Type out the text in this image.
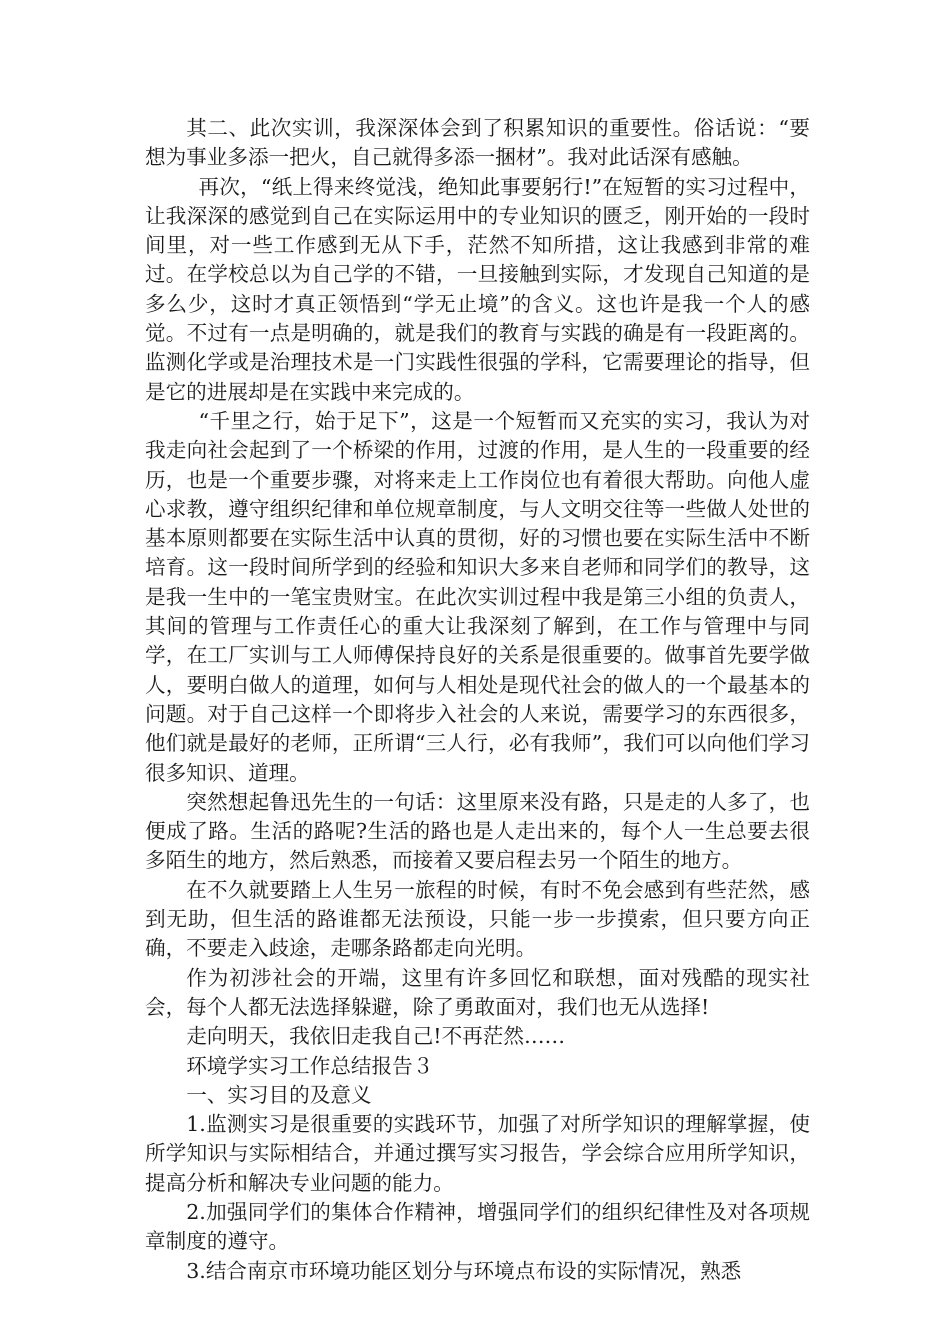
其二、此次实训，我深深体会到了积累知识的重要性。俗话说：“要想为事业多添一把火，自己就得多添一捆材”。我对此话深有感触。

再次，“纸上得来终觉浅，绝知此事要躬行!”在短暂的实习过程中，让我深深的感觉到自己在实际运用中的专业知识的匮乏，刚开始的一段时间里，对一些工作感到无从下手，茫然不知所措，这让我感到非常的难过。在学校总以为自己学的不错，一旦接触到实际，才发现自己知道的是多么少，这时才真正领悟到“学无止境”的含义。这也许是我一个人的感觉。不过有一点是明确的，就是我们的教育与实践的确是有一段距离的。监测化学或是治理技术是一门实践性很强的学科，它需要理论的指导，但是它的进展却是在实践中来完成的。

“千里之行，始于足下”，这是一个短暂而又充实的实习，我认为对我走向社会起到了一个桥梁的作用，过渡的作用，是人生的一段重要的经历，也是一个重要步骤，对将来走上工作岗位也有着很大帮助。向他人虚心求教，遵守组织纪律和单位规章制度，与人文明交往等一些做人处世的基本原则都要在实际生活中认真的贯彻，好的习惯也要在实际生活中不断培育。这一段时间所学到的经验和知识大多来自老师和同学们的教导，这是我一生中的一笔宝贵财宝。在此次实训过程中我是第三小组的负责人，其间的管理与工作责任心的重大让我深刻了解到，在工作与管理中与同学，在工厂实训与工人师傅保持良好的关系是很重要的。做事首先要学做人，要明白做人的道理，如何与人相处是现代社会的做人的一个最基本的问题。对于自己这样一个即将步入社会的人来说，需要学习的东西很多，他们就是最好的老师，正所谓“三人行，必有我师”，我们可以向他们学习很多知识、道理。

突然想起鲁迅先生的一句话：这里原来没有路，只是走的人多了，也便成了路。生活的路呢?生活的路也是人走出来的，每个人一生总要去很多陌生的地方，然后熟悉，而接着又要启程去另一个陌生的地方。

在不久就要踏上人生另一旅程的时候，有时不免会感到有些茫然，感到无助，但生活的路谁都无法预设，只能一步一步摸索，但只要方向正确，不要走入歧途，走哪条路都走向光明。

作为初涉社会的开端，这里有许多回忆和联想，面对残酷的现实社会，每个人都无法选择躲避，除了勇敢面对，我们也无从选择!

走向明天，我依旧走我自己!不再茫然……

环境学实习工作总结报告３

一、实习目的及意义

1.监测实习是很重要的实践环节，加强了对所学知识的理解掌握，使所学知识与实际相结合，并通过撰写实习报告，学会综合应用所学知识，提高分析和解决专业问题的能力。

2.加强同学们的集体合作精神，增强同学们的组织纪律性及对各项规章制度的遵守。

3.结合南京市环境功能区划分与环境点布设的实际情况，熟悉
